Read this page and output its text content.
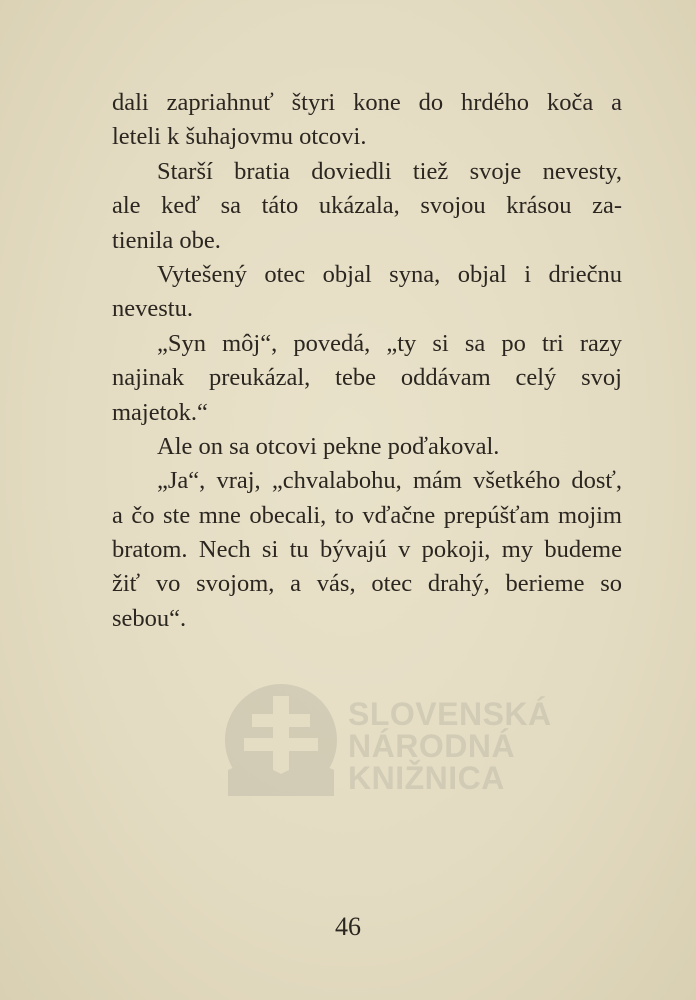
dali zapriahnuť štyri kone do hrdého koča a
leteli k šuhajovmu otcovi.
Starší bratia doviedli tiež svoje nevesty,
ale keď sa táto ukázala, svojou krásou za-
tienila obe.
Vytešený otec objal syna, objal i driečnu
nevestu.
„Syn môj“, povedá, „ty si sa po tri razy
najinak preukázal, tebe oddávam celý svoj
majetok.“
Ale on sa otcovi pekne poďakoval.
„Ja“, vraj, „chvalabohu, mám všetkého dosť,
a čo ste mne obecali, to vďačne prepúšťam mojim
bratom. Nech si tu bývajú v pokoji, my budeme
žiť vo svojom, a vás, otec drahý, berieme so
sebou“.
SLOVENSKÁ
NÁRODNÁ
KNIŽNICA
46
